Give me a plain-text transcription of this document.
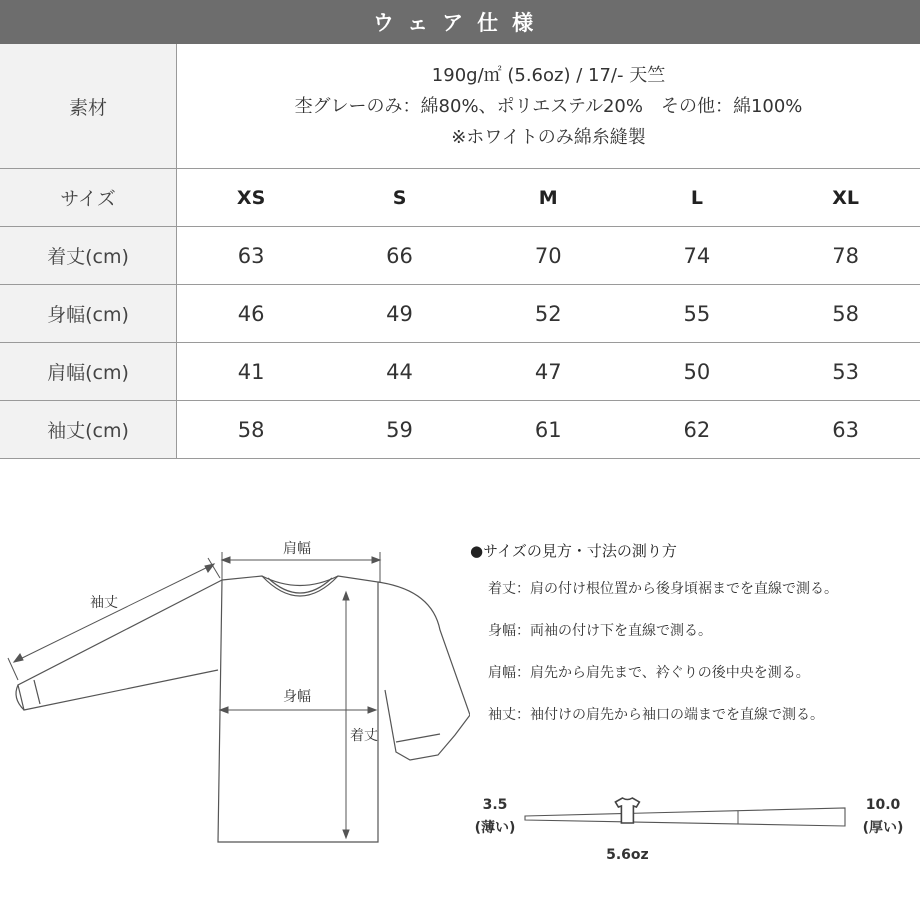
ウェア仕様
素材	190g/㎡ (5.6oz) / 17/- 天竺
杢グレーのみ：綿80%、ポリエステル20%　その他：綿100%
※ホワイトのみ綿糸縫製				

サイズ	XS	S	M	L	XL
着丈(cm)	63	66	70	74	78
身幅(cm)	46	49	52	55	58
肩幅(cm)	41	44	47	50	53
袖丈(cm)	58	59	61	62	63
肩幅
袖丈
身幅
着丈
●サイズの見方・寸法の測り方
着丈：肩の付け根位置から後身頃裾までを直線で測る。
身幅：両袖の付け下を直線で測る。
肩幅：肩先から肩先まで、衿ぐりの後中央を測る。
袖丈：袖付けの肩先から袖口の端までを直線で測る。
3.5
(薄い)
10.0
(厚い)
5.6oz
